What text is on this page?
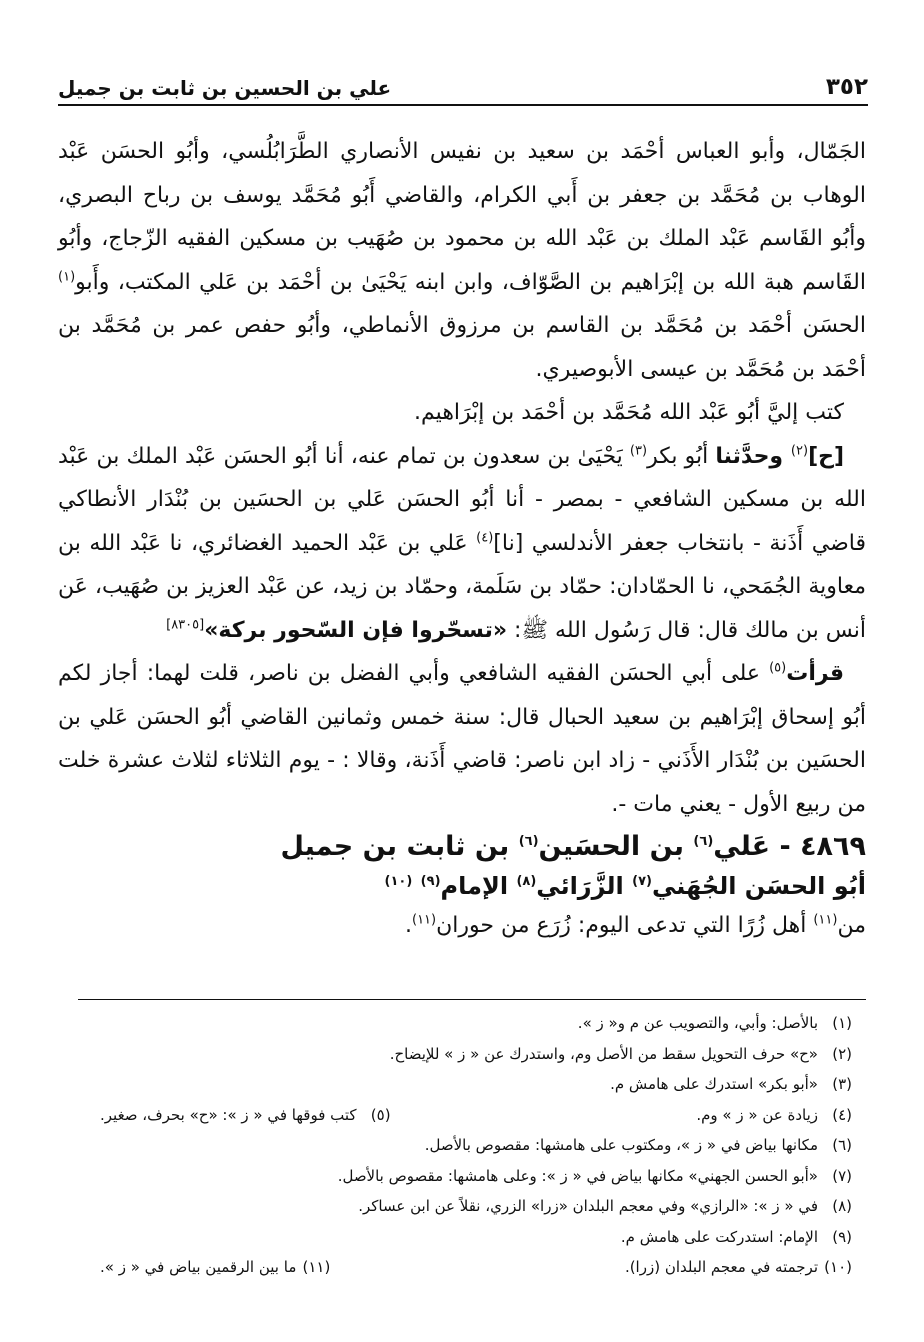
٣٥٢
علي بن الحسين بن ثابت بن جميل

الجَمّال، وأبو العباس أحْمَد بن سعيد بن نفيس الأنصاري الطَّرَابُلُسي، وأبُو الحسَن عَبْد الوهاب بن مُحَمَّد بن جعفر بن أَبي الكرام، والقاضي أَبُو مُحَمَّد يوسف بن رباح البصري، وأبُو القَاسم عَبْد الملك بن عَبْد الله بن محمود بن صُهَيب بن مسكين الفقيه الزّجاج، وأبُو القَاسم هبة الله بن إبْرَاهيم بن الصَّوّاف، وابن ابنه يَحْيَىٰ بن أحْمَد بن عَلي المكتب، وأَبو$^{(١)}$ الحسَن أحْمَد بن مُحَمَّد بن القاسم بن مرزوق الأنماطي، وأبُو حفص عمر بن مُحَمَّد بن أحْمَد بن مُحَمَّد بن عيسى الأبوصيري.

كتب إليَّ أبُو عَبْد الله مُحَمَّد بن أحْمَد بن إبْرَاهيم.

[ح]$^{(٢)}$ وحدَّثنا أبُو بكر$^{(٣)}$ يَحْيَىٰ بن سعدون بن تمام عنه، أنا أبُو الحسَن عَبْد الملك بن عَبْد الله بن مسكين الشافعي - بمصر - أنا أبُو الحسَن عَلي بن الحسَين بن بُنْدَار الأنطاكي قاضي أَذَنة - بانتخاب جعفر الأندلسي [نا]$^{(٤)}$ عَلي بن عَبْد الحميد الغضائري، نا عَبْد الله بن معاوية الجُمَحي، نا الحمّادان: حمّاد بن سَلَمة، وحمّاد بن زيد، عن عَبْد العزيز بن صُهَيب، عَن أنس بن مالك قال: قال رَسُول الله ﷺ: «تسحّروا فإن السّحور بركة»[٨٣٠٥]

قرأت$^{(٥)}$ على أبي الحسَن الفقيه الشافعي وأبي الفضل بن ناصر، قلت لهما: أجاز لكم أبُو إسحاق إبْرَاهيم بن سعيد الحبال قال: سنة خمس وثمانين القاضي أبُو الحسَن عَلي بن الحسَين بن بُنْدَار الأَذَني - زاد ابن ناصر: قاضي أَذَنة، وقالا : - يوم الثلاثاء لثلاث عشرة خلت من ربيع الأول - يعني مات -.

٤٨٦٩ - عَلي$^{(٦)}$ بن الحسَين$^{(٦)}$ بن ثابت بن جميل
أبُو الحسَن الجُهَني$^{(٧)}$ الزَّرَائي$^{(٨)}$ الإمام$^{(٩)}$ $^{(١٠)}$
من$^{(١١)}$ أهل زُرًا التي تدعى اليوم: زُرَع من حوران$^{(١١)}$.
(١)
بالأصل: وأبي، والتصويب عن م و« ز ».
(٢)
«ح» حرف التحويل سقط من الأصل وم، واستدرك عن « ز » للإيضاح.
(٣)
«أبو بكر» استدرك على هامش م.
(٤)
زيادة عن « ز » وم.
(٥)
كتب فوقها في « ز »: «ح» بحرف، صغير.
(٦)
مكانها بياض في « ز »، ومكتوب على هامشها: مقصوص بالأصل.
(٧)
«أبو الحسن الجهني» مكانها بياض في « ز »: وعلى هامشها: مقصوص بالأصل.
(٨)
في « ز »: «الرازي» وفي معجم البلدان «زرا» الزري، نقلاً عن ابن عساكر.
(٩)
الإمام: استدركت على هامش م.
(١٠)
ترجمته في معجم البلدان (زرا).
(١١)
ما بين الرقمين بياض في « ز ».
